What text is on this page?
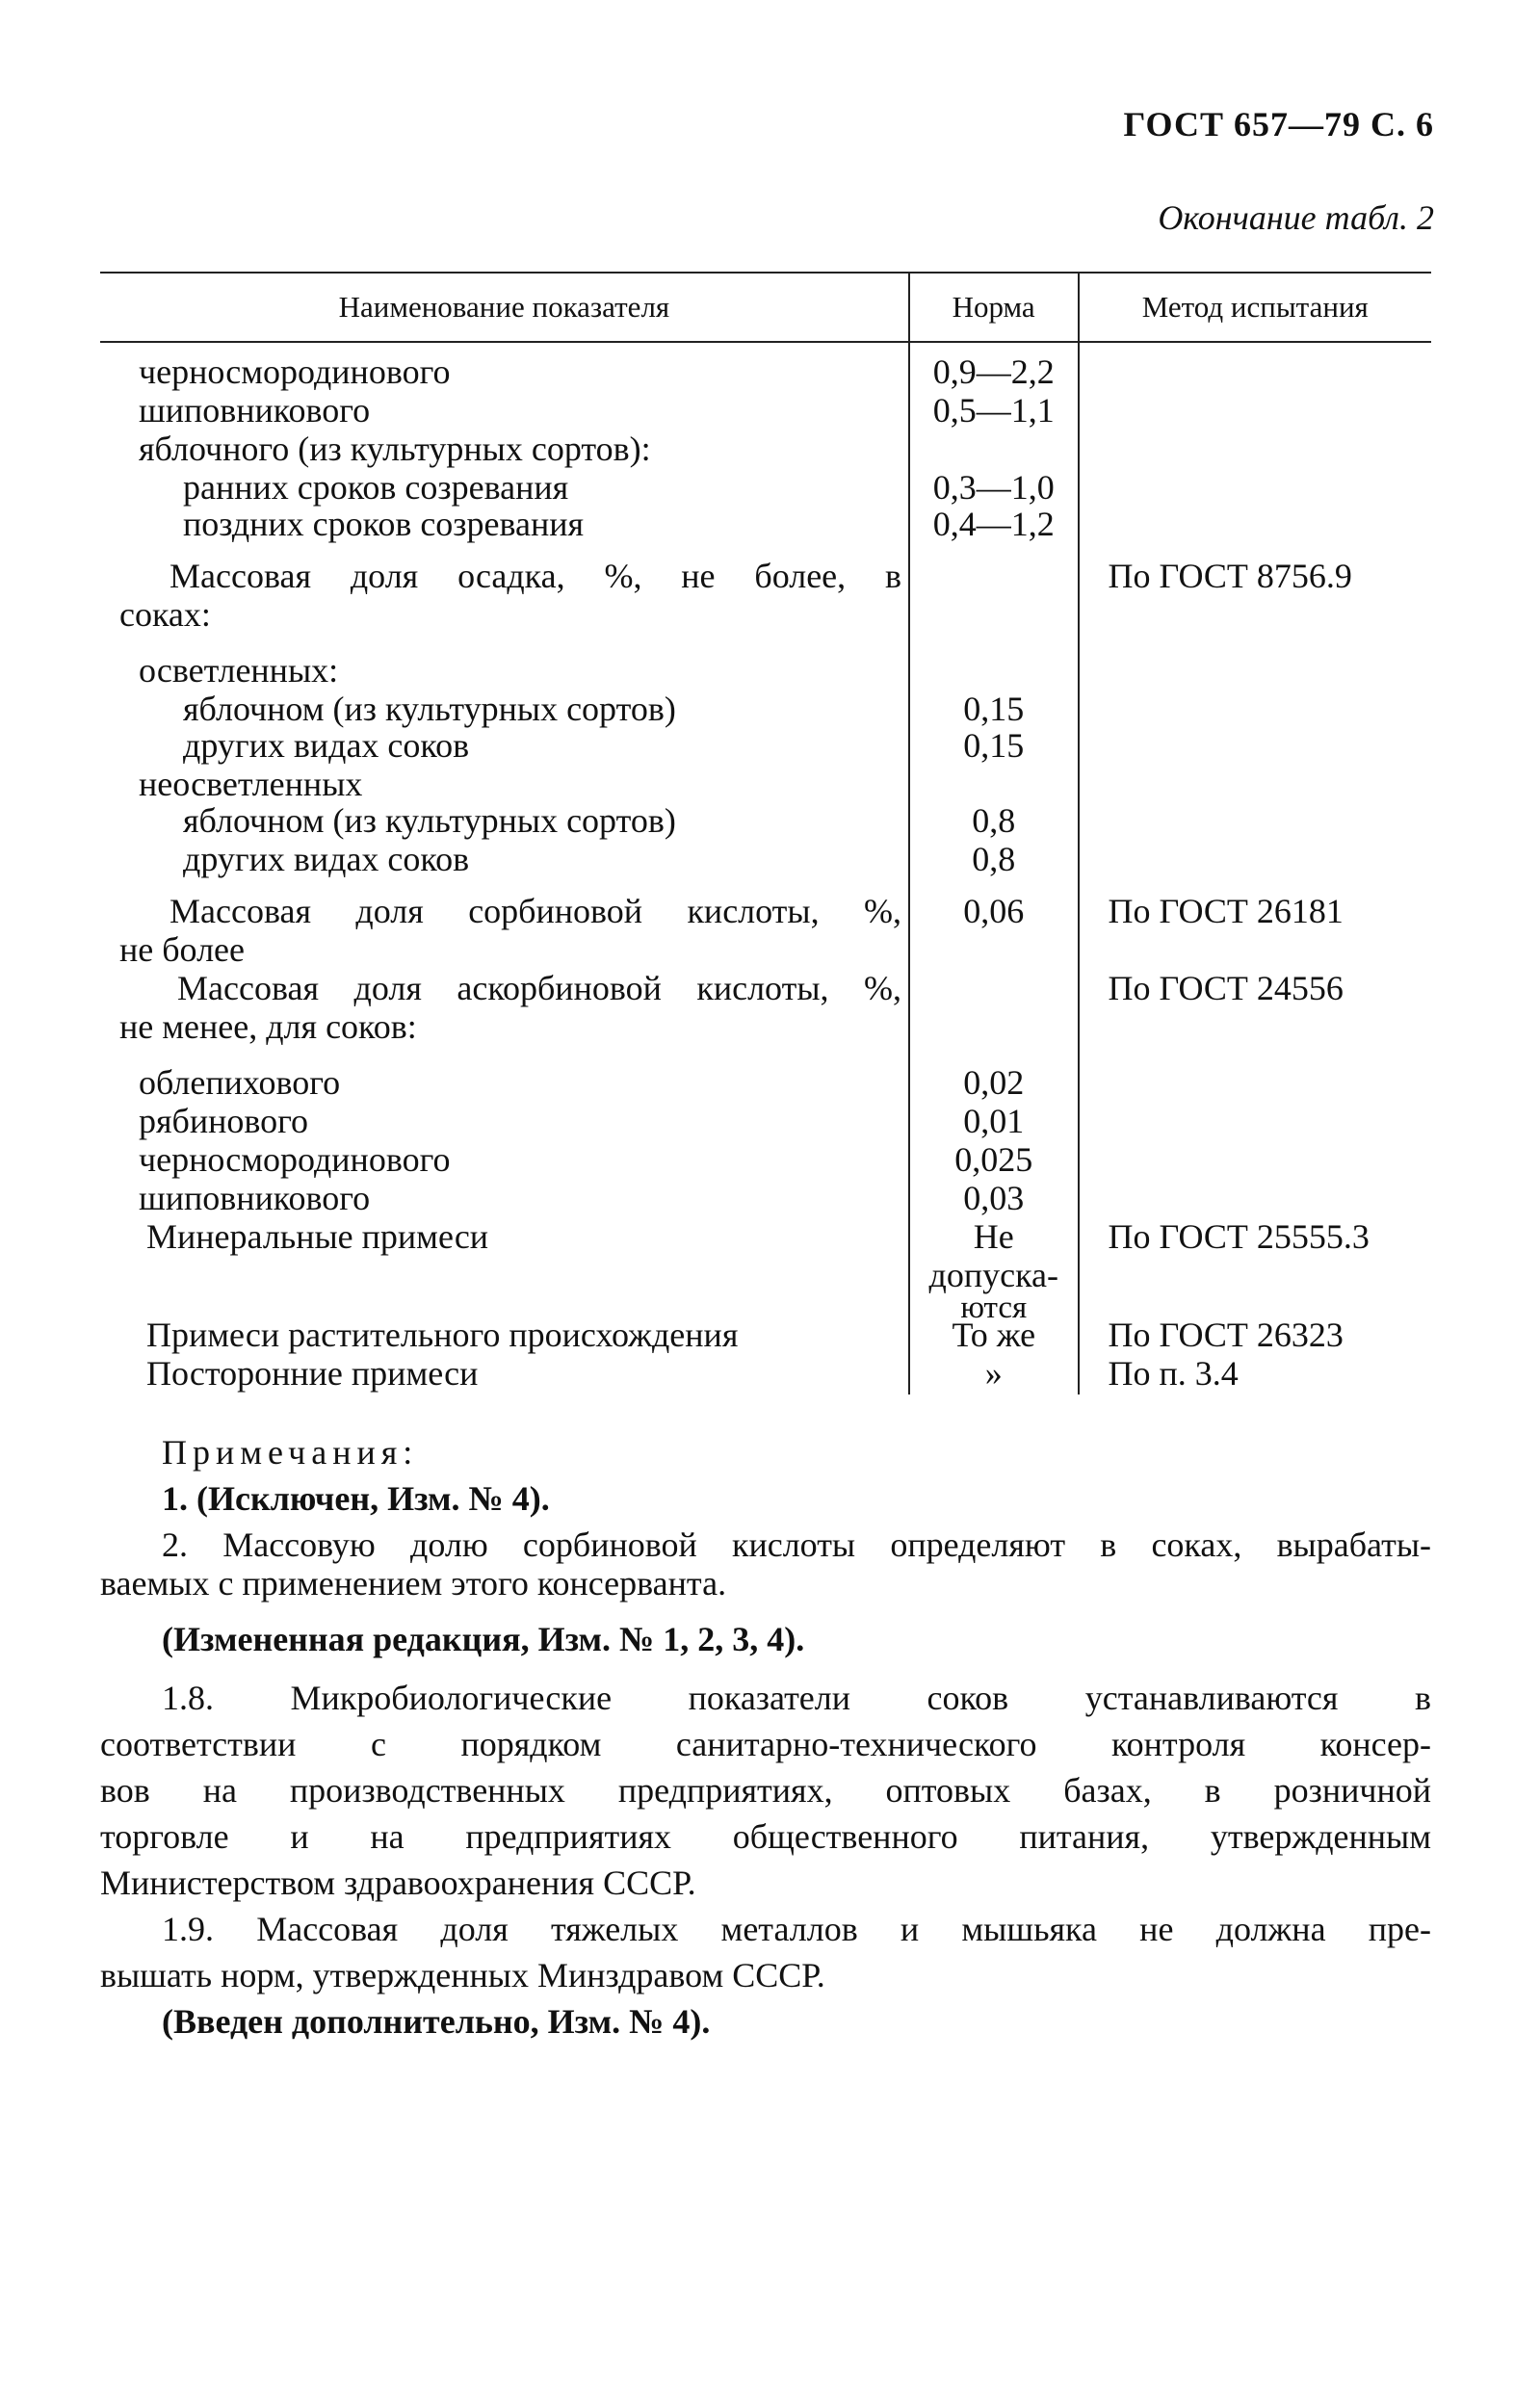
ГОСТ 657—79 С. 6
Окончание табл. 2
Наименование показателя	Норма	Метод испытания
черносмородинового
шиповникового
яблочного (из культурных сортов):
ранних сроков созревания
поздних сроков созревания
Массовая доля осадка, %, не более, в
соках:
осветленных:
яблочном (из культурных сортов)
других видах соков
неосветленных
яблочном (из культурных сортов)
других видах соков
Массовая доля сорбиновой кислоты, %,
не более
Массовая доля аскорбиновой кислоты, %,
не менее, для соков:
облепихового
рябинового
черносмородинового
шиповникового
Минеральные примеси
Примеси растительного происхождения
Посторонние примеси
0,9—2,2
0,5—1,1
0,3—1,0
0,4—1,2
0,15
0,15
0,8
0,8
0,06
0,02
0,01
0,025
0,03
Не
допуска-
ются
То же
»
По ГОСТ 8756.9
По ГОСТ 26181
По ГОСТ 24556
По ГОСТ 25555.3
По ГОСТ 26323
По п. 3.4
Примечания:
1. (Исключен, Изм. № 4).
2. Массовую долю сорбиновой кислоты определяют в соках, вырабаты-
ваемых с применением этого консерванта.
(Измененная редакция, Изм. № 1, 2, 3, 4).
1.8. Микробиологические показатели соков устанавливаются в
соответствии с порядком санитарно-технического контроля консер-
вов на производственных предприятиях, оптовых базах, в розничной
торговле и на предприятиях общественного питания, утвержденным
Министерством здравоохранения СССР.
1.9. Массовая доля тяжелых металлов и мышьяка не должна пре-
вышать норм, утвержденных Минздравом СССР.
(Введен дополнительно, Изм. № 4).
